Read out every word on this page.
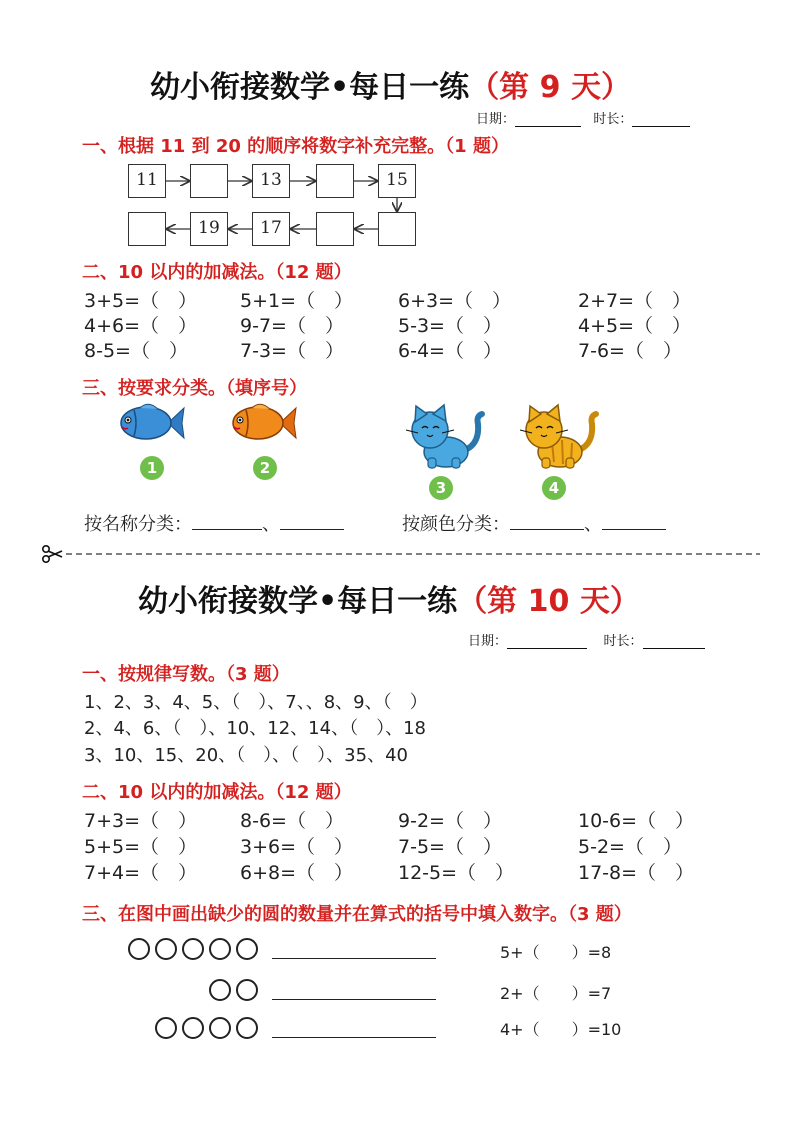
幼小衔接数学•每日一练（第 9 天）
日期：	时长：
一、根据 11 到 20 的顺序将数字补充完整。（1 题）
11	13	15
19	17
二、10 以内的加减法。（12 题）
3+5=（　） 5+1=（　） 6+3=（　）	2+7=（　）
4+6=（　） 9-7=（　）	5-3=（　）	4+5=（　）
8-5=（　）	7-3=（　）	6-4=（　）	7-6=（　）
三、按要求分类。（填序号）
1	2
3	4
按名称分类：	、	按颜色分类：	、
幼小衔接数学•每日一练（第 10 天）
日期：	时长：
一、按规律写数。（3 题）
1、2、3、4、5、（　）、7、、8、9、（　）
2、4、6、（　）、10、12、14、（　）、18
3、10、15、20、（　）、（　）、35、40
二、10 以内的加减法。（12 题）
7+3=（　） 8-6=（　）	9-2=（　）	10-6=（　）
5+5=（　） 3+6=（　） 7-5=（　）	5-2=（　）
7+4=（　） 6+8=（　） 12-5=（　）	17-8=（　）
三、在图中画出缺少的圆的数量并在算式的括号中填入数字。（3 题）
5+（　　）=8
2+（　　）=7
4+（　　）=10
